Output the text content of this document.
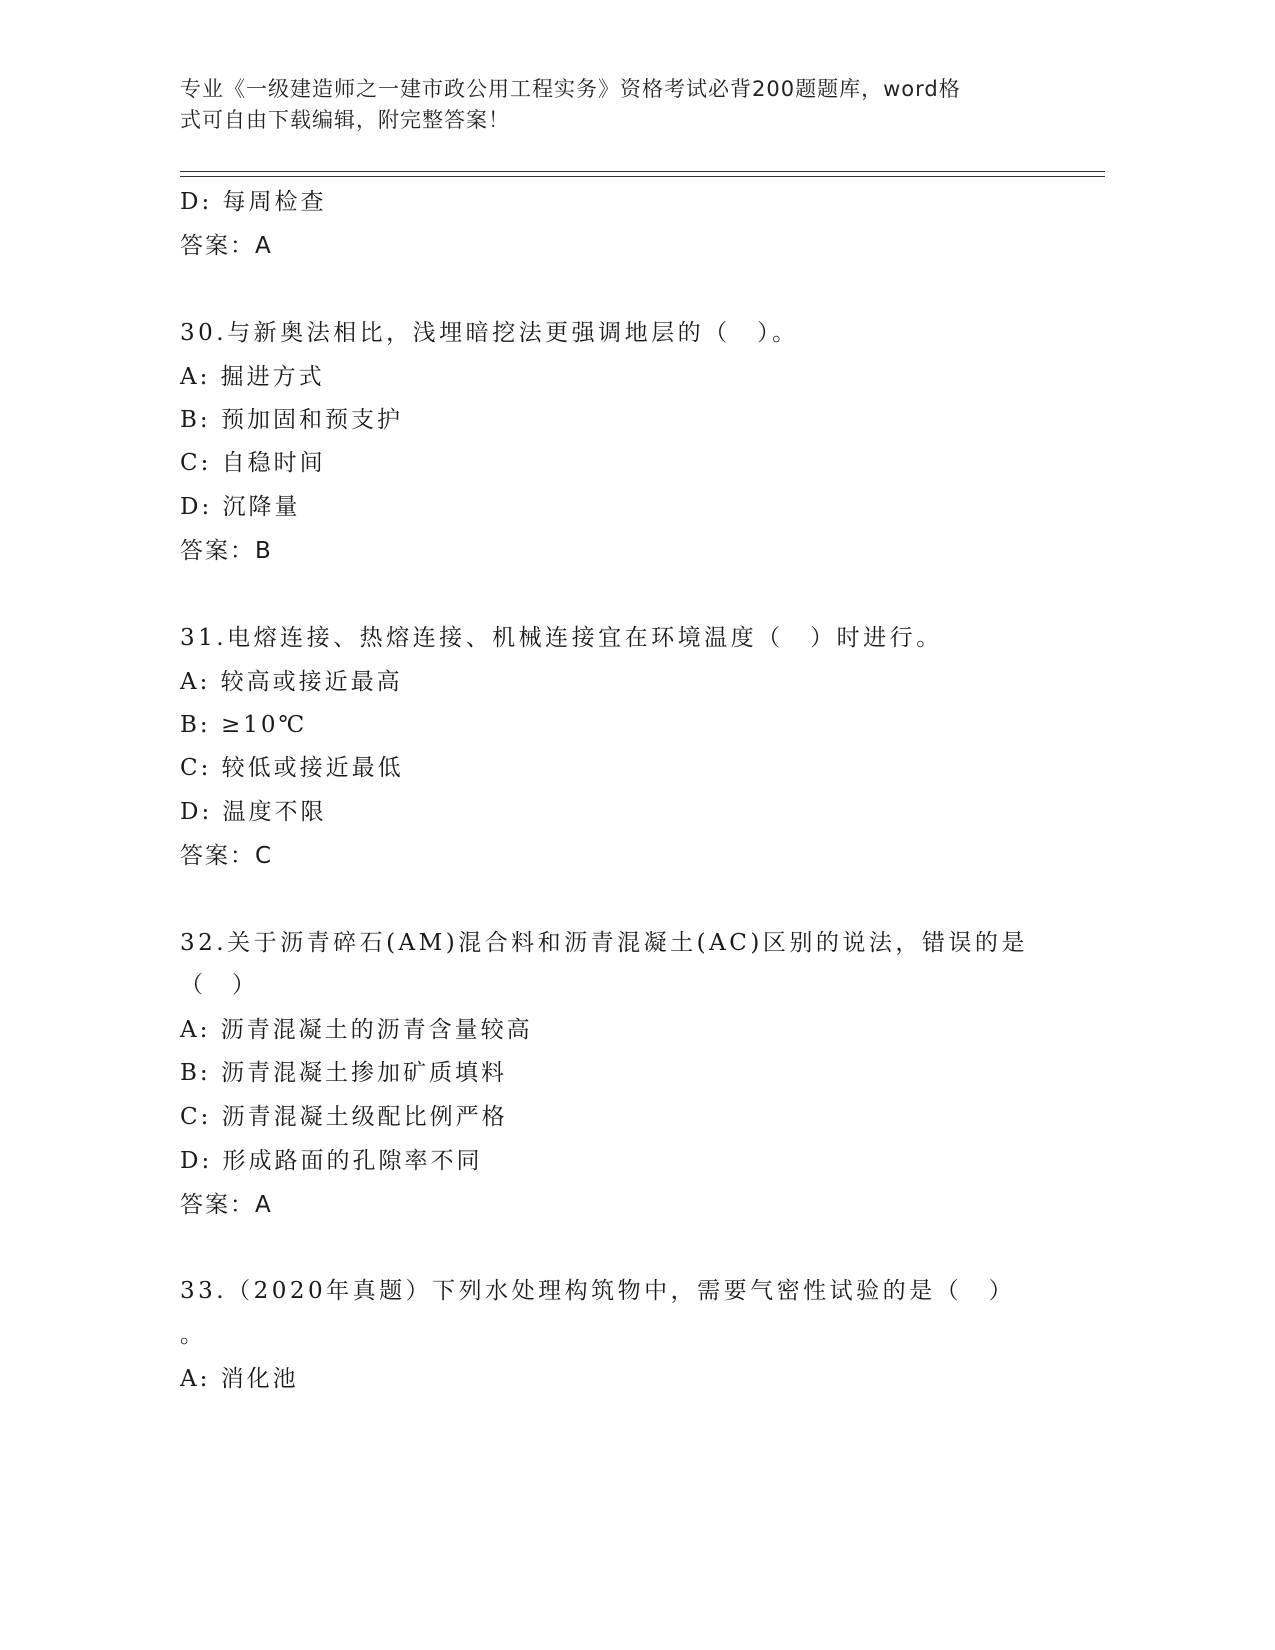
专业《一级建造师之一建市政公用工程实务》资格考试必背200题题库，word格
式可自由下载编辑，附完整答案！
D: 每周检查
答案：A
30.与新奥法相比，浅埋暗挖法更强调地层的（　）。
A: 掘进方式
B: 预加固和预支护
C: 自稳时间
D: 沉降量
答案：B
31.电熔连接、热熔连接、机械连接宜在环境温度（　）时进行。
A: 较高或接近最高
B: ≥10℃
C: 较低或接近最低
D: 温度不限
答案：C
32.关于沥青碎石(AM)混合料和沥青混凝土(AC)区别的说法，错误的是
（　）
A: 沥青混凝土的沥青含量较高
B: 沥青混凝土掺加矿质填料
C: 沥青混凝土级配比例严格
D: 形成路面的孔隙率不同
答案：A
33.（2020年真题）下列水处理构筑物中，需要气密性试验的是（　）
。
A: 消化池
